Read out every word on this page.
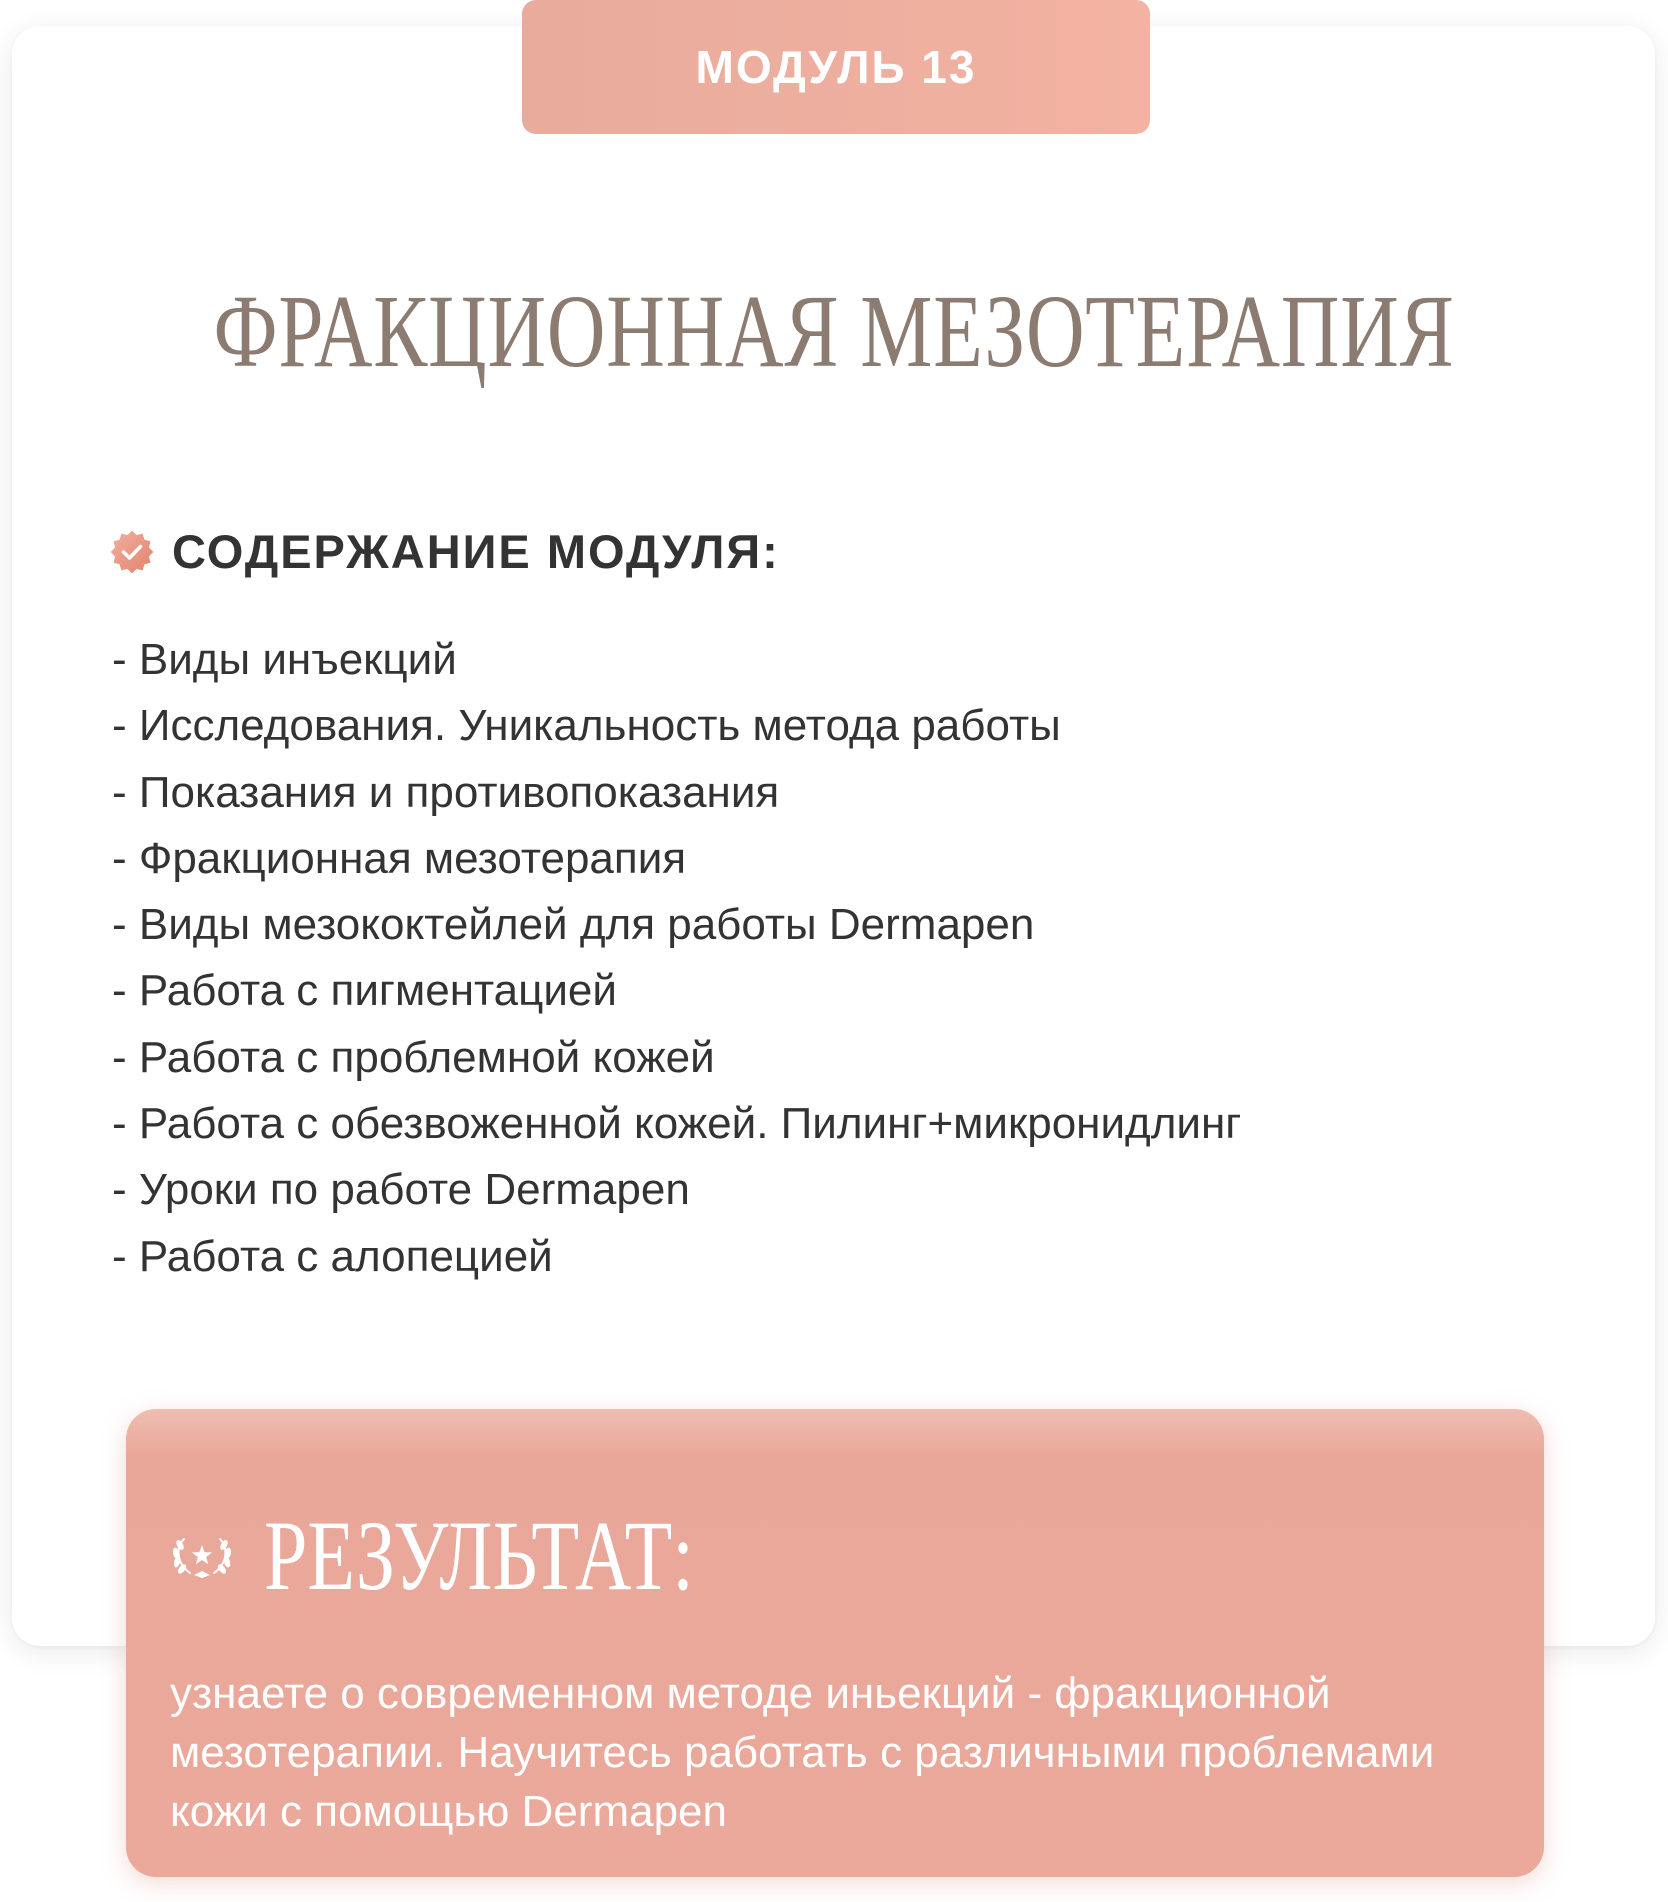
МОДУЛЬ 13
ФРАКЦИОННАЯ МЕЗОТЕРАПИЯ
СОДЕРЖАНИЕ МОДУЛЯ:
- Виды инъекций
- Исследования. Уникальность метода работы
- Показания и противопоказания
- Фракционная мезотерапия
- Виды мезококтейлей для работы Dermapen
- Работа с пигментацией
- Работа с проблемной кожей
- Работа с обезвоженной кожей. Пилинг+микронидлинг
- Уроки по работе Dermapen
- Работа с алопецией
РЕЗУЛЬТАТ:

узнаете о современном методе иньекций - фракционной мезотерапии. Научитесь работать с различными проблемами кожи с помощью Dermapen
